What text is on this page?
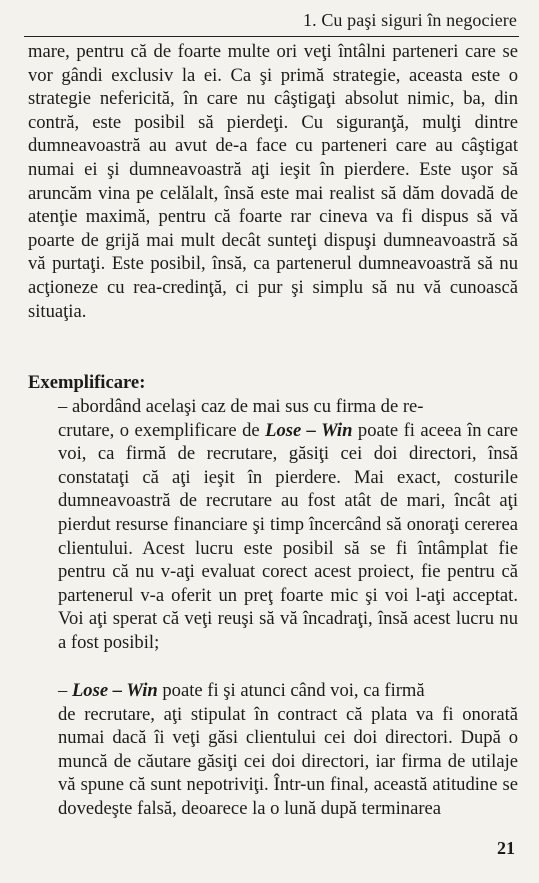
1. Cu paşi siguri în negociere

mare, pentru că de foarte multe ori veţi întâlni parteneri care se vor gândi exclusiv la ei. Ca şi primă strategie, aceasta este o strategie nefericită, în care nu câştigaţi absolut nimic, ba, din contră, este posibil să pierdeţi. Cu siguranţă, mulţi dintre dumneavoastră au avut de-a face cu parteneri care au câştigat numai ei şi dumneavoastră aţi ieşit în pierdere. Este uşor să aruncăm vina pe celălalt, însă este mai realist să dăm dovadă de atenţie maximă, pentru că foarte rar cineva va fi dispus să vă poarte de grijă mai mult decât sunteţi dispuşi dumneavoastră să vă purtaţi. Este posibil, însă, ca partenerul dumneavoastră să nu acţioneze cu rea-credinţă, ci pur şi simplu să nu vă cunoască situaţia.

Exemplificare:

– abordând acelaşi caz de mai sus cu firma de re-
crutare, o exemplificare de Lose – Win poate fi aceea în care voi, ca firmă de recrutare, găsiţi cei doi directori, însă constataţi că aţi ieşit în pierdere. Mai exact, costurile dumneavoastră de recrutare au fost atât de mari, încât aţi pierdut resurse financiare şi timp încercând să onoraţi cererea clientului. Acest lucru este posibil să se fi întâmplat fie pentru că nu v-aţi evaluat corect acest proiect, fie pentru că partenerul v-a oferit un preţ foarte mic şi voi l-aţi acceptat. Voi aţi sperat că veţi reuşi să vă încadraţi, însă acest lucru nu a fost posibil;
– Lose – Win poate fi şi atunci când voi, ca firmă
de recrutare, aţi stipulat în contract că plata va fi onorată numai dacă îi veţi găsi clientului cei doi directori. După o muncă de căutare găsiţi cei doi directori, iar firma de utilaje vă spune că sunt nepotriviţi. Într-un final, această atitudine se dovedeşte falsă, deoarece la o lună după terminarea
21
